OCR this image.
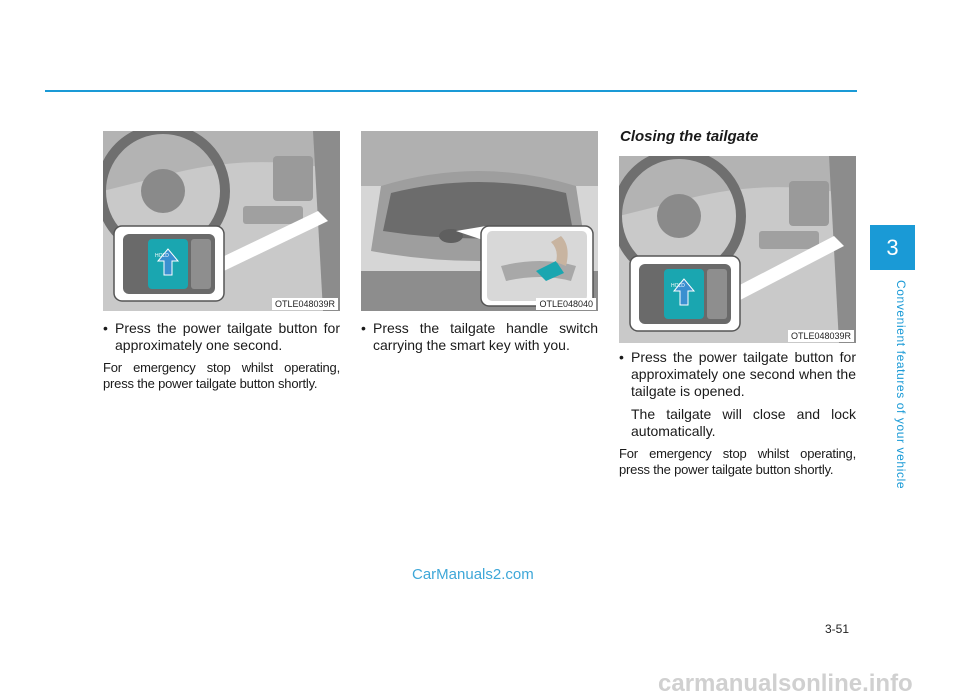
HOLD
OTLE048039R	OTLE048040
HOLD
OTLE048039R

• Press the power tailgate button for approximately one second.

For emergency stop whilst operating, press the power tailgate button shortly.

• Press the tailgate handle switch carrying the smart key with you.

Closing the tailgate

• Press the power tailgate button for approximately one second when the tailgate is opened.

The tailgate will close and lock automatically.

For emergency stop whilst operating, press the power tailgate button shortly.

3
Convenient features of your vehicle
3-51
CarManuals2.com
carmanualsonline.info
